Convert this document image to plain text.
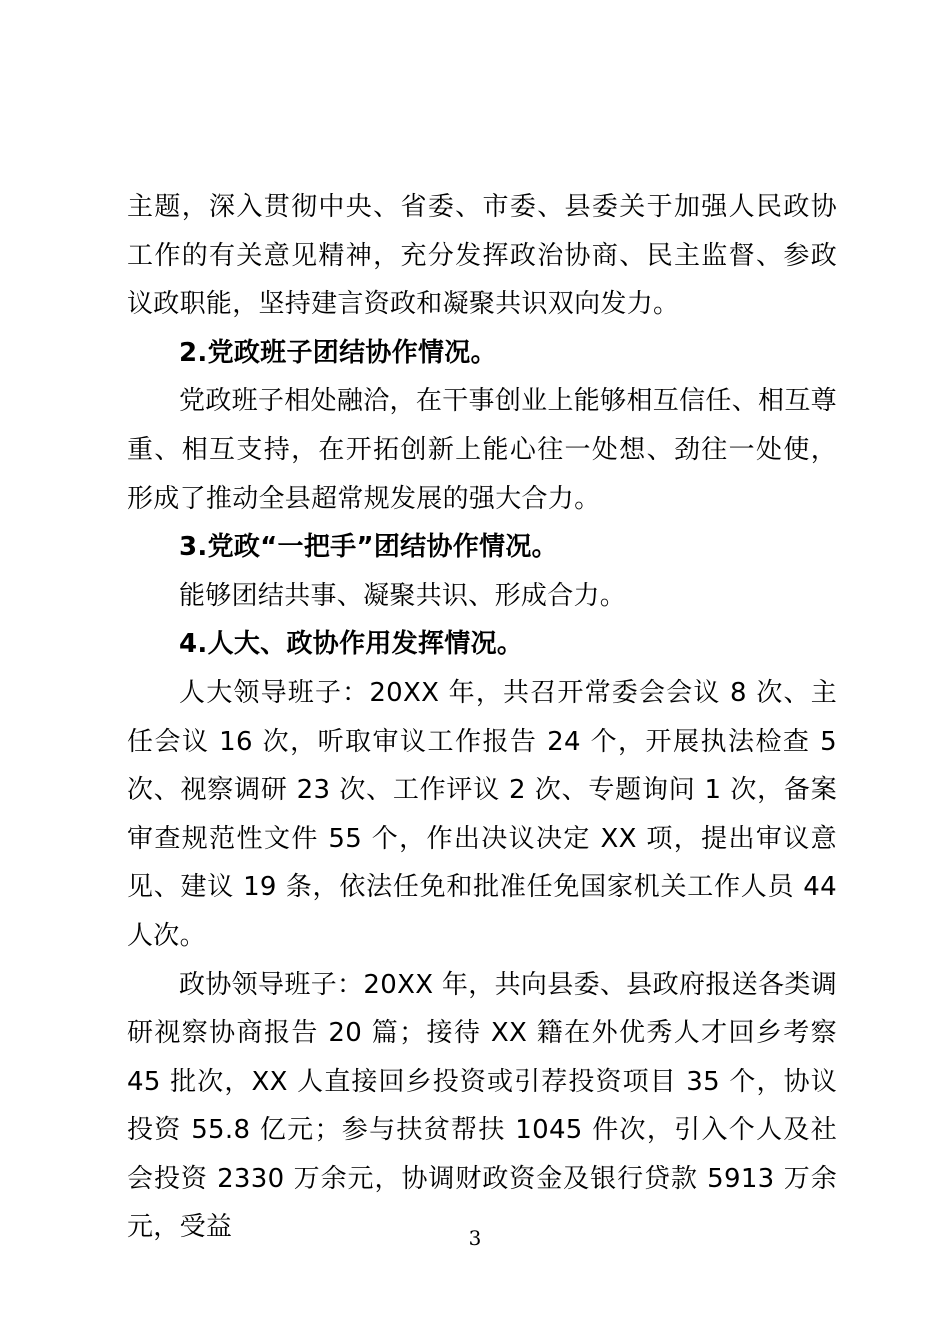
主题，深入贯彻中央、省委、市委、县委关于加强人民政协工作的有关意见精神，充分发挥政治协商、民主监督、参政议政职能，坚持建言资政和凝聚共识双向发力。

2.党政班子团结协作情况。

党政班子相处融洽，在干事创业上能够相互信任、相互尊重、相互支持，在开拓创新上能心往一处想、劲往一处使，形成了推动全县超常规发展的强大合力。

3.党政“一把手”团结协作情况。

能够团结共事、凝聚共识、形成合力。

4.人大、政协作用发挥情况。

人大领导班子：20XX 年，共召开常委会会议 8 次、主任会议 16 次，听取审议工作报告 24 个，开展执法检查 5 次、视察调研 23 次、工作评议 2 次、专题询问 1 次，备案审查规范性文件 55 个，作出决议决定 XX 项，提出审议意见、建议 19 条，依法任免和批准任免国家机关工作人员 44 人次。

政协领导班子：20XX 年，共向县委、县政府报送各类调研视察协商报告 20 篇；接待 XX 籍在外优秀人才回乡考察 45 批次，XX 人直接回乡投资或引荐投资项目 35 个，协议投资 55.8 亿元；参与扶贫帮扶 1045 件次，引入个人及社会投资 2330 万余元，协调财政资金及银行贷款 5913 万余元，受益	3
